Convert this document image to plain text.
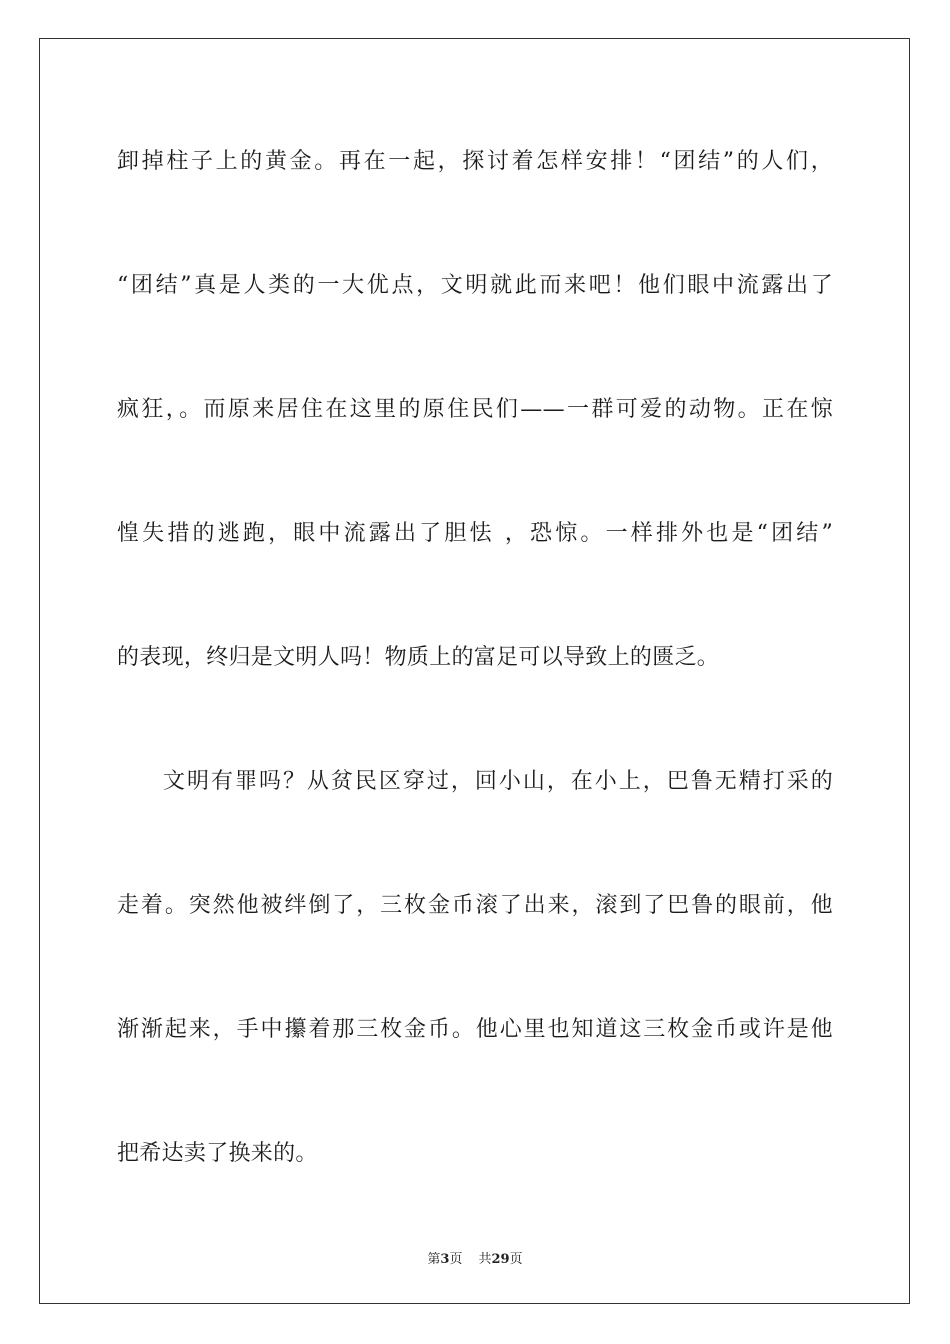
卸掉柱子上的黄金。再在一起，探讨着怎样安排！“团结”的人们，
“团结”真是人类的一大优点，文明就此而来吧！他们眼中流露出了
疯狂，。而原来居住在这里的原住民们——一群可爱的动物。正在惊
惶失措的逃跑，眼中流露出了胆怯 ，恐惊。一样排外也是“团结”
的表现，终归是文明人吗！物质上的富足可以导致上的匮乏。
文明有罪吗？从贫民区穿过，回小山，在小上，巴鲁无精打采的
走着。突然他被绊倒了，三枚金币滚了出来，滚到了巴鲁的眼前，他
渐渐起来，手中攥着那三枚金币。他心里也知道这三枚金币或许是他
把希达卖了换来的。
第3页 共29页
